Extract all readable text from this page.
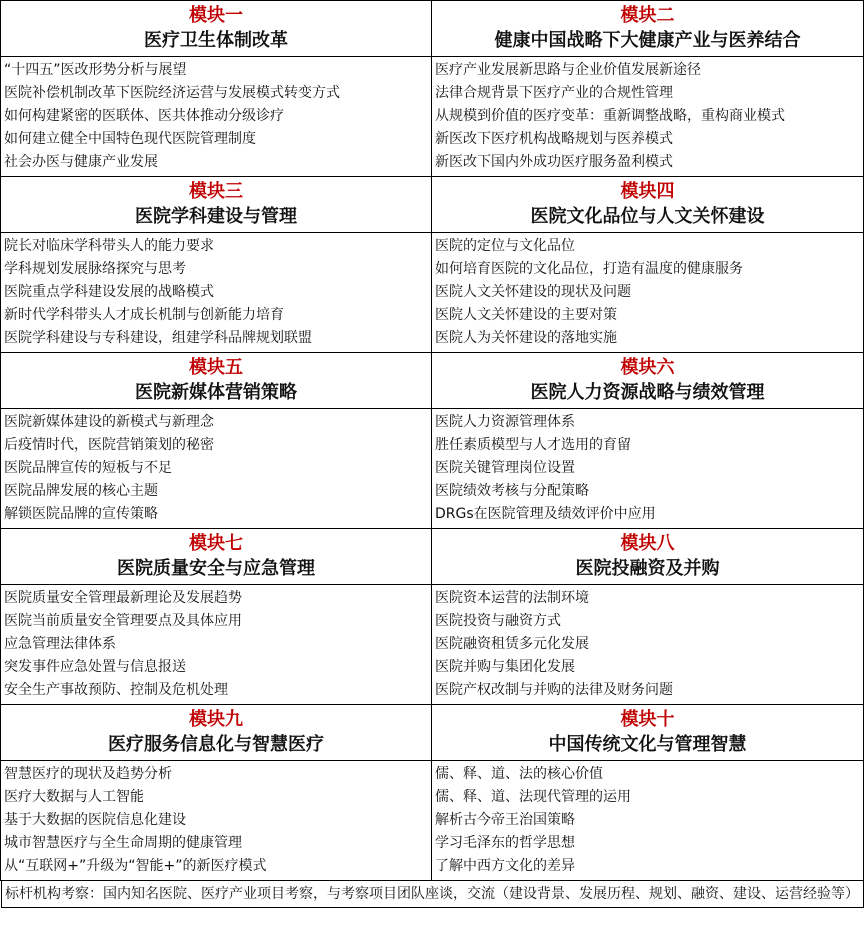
模块一
医疗卫生体制改革
“十四五”医改形势分析与展望
医院补偿机制改革下医院经济运营与发展模式转变方式
如何构建紧密的医联体、医共体推动分级诊疗
如何建立健全中国特色现代医院管理制度
社会办医与健康产业发展
模块二
健康中国战略下大健康产业与医养结合
医疗产业发展新思路与企业价值发展新途径
法律合规背景下医疗产业的合规性管理
从规模到价值的医疗变革：重新调整战略，重构商业模式
新医改下医疗机构战略规划与医养模式
新医改下国内外成功医疗服务盈利模式
模块三
医院学科建设与管理
院长对临床学科带头人的能力要求
学科规划发展脉络探究与思考
医院重点学科建设发展的战略模式
新时代学科带头人才成长机制与创新能力培育
医院学科建设与专科建设，组建学科品牌规划联盟
模块四
医院文化品位与人文关怀建设
医院的定位与文化品位
如何培育医院的文化品位，打造有温度的健康服务
医院人文关怀建设的现状及问题
医院人文关怀建设的主要对策
医院人为关怀建设的落地实施
模块五
医院新媒体营销策略
医院新媒体建设的新模式与新理念
后疫情时代，医院营销策划的秘密
医院品牌宣传的短板与不足
医院品牌发展的核心主题
解锁医院品牌的宣传策略
模块六
医院人力资源战略与绩效管理
医院人力资源管理体系
胜任素质模型与人才选用的育留
医院关键管理岗位设置
医院绩效考核与分配策略
DRGs在医院管理及绩效评价中应用
模块七
医院质量安全与应急管理
医院质量安全管理最新理论及发展趋势
医院当前质量安全管理要点及具体应用
应急管理法律体系
突发事件应急处置与信息报送
安全生产事故预防、控制及危机处理
模块八
医院投融资及并购
医院资本运营的法制环境
医院投资与融资方式
医院融资租赁多元化发展
医院并购与集团化发展
医院产权改制与并购的法律及财务问题
模块九
医疗服务信息化与智慧医疗
智慧医疗的现状及趋势分析
医疗大数据与人工智能
基于大数据的医院信息化建设
城市智慧医疗与全生命周期的健康管理
从“互联网+”升级为“智能+”的新医疗模式
模块十
中国传统文化与管理智慧
儒、释、道、法的核心价值
儒、释、道、法现代管理的运用
解析古今帝王治国策略
学习毛泽东的哲学思想
了解中西方文化的差异
标杆机构考察：国内知名医院、医疗产业项目考察，与考察项目团队座谈，交流（建设背景、发展历程、规划、融资、建设、运营经验等）
